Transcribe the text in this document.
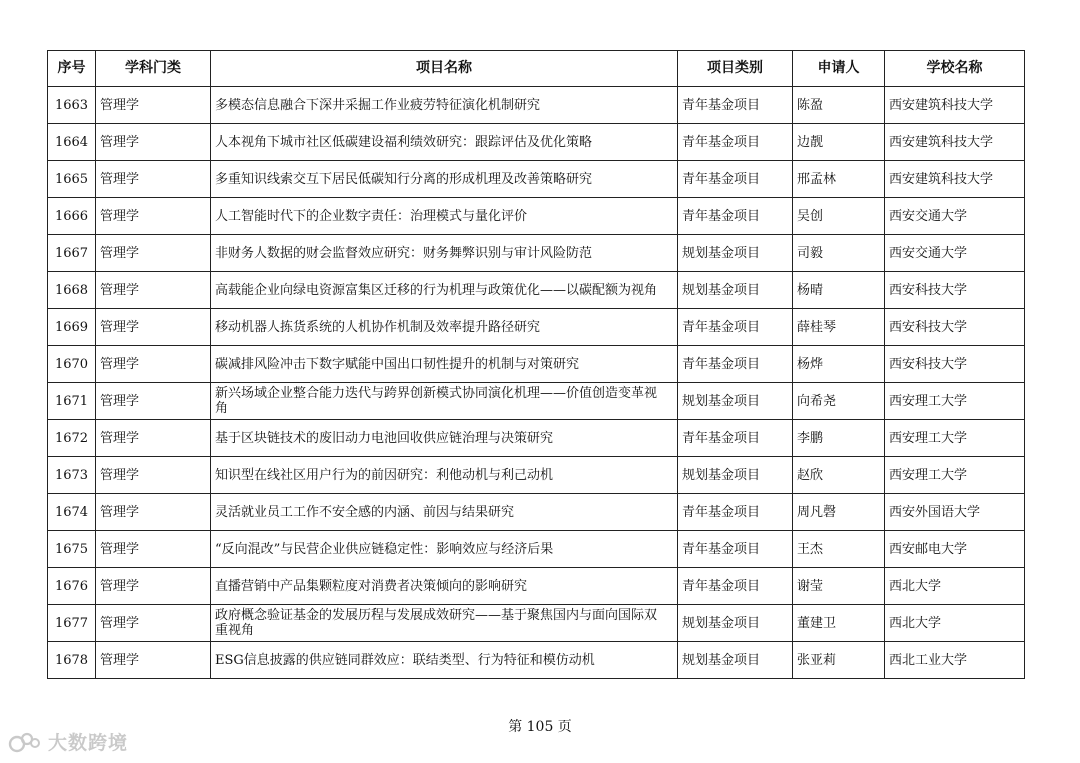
序号	学科门类	项目名称	项目类别	申请人	学校名称
1663	管理学	多模态信息融合下深井采掘工作业疲劳特征演化机制研究	青年基金项目	陈盈	西安建筑科技大学
1664	管理学	人本视角下城市社区低碳建设福利绩效研究：跟踪评估及优化策略	青年基金项目	边靓	西安建筑科技大学
1665	管理学	多重知识线索交互下居民低碳知行分离的形成机理及改善策略研究	青年基金项目	邢孟林	西安建筑科技大学
1666	管理学	人工智能时代下的企业数字责任：治理模式与量化评价	青年基金项目	吴创	西安交通大学
1667	管理学	非财务人数据的财会监督效应研究：财务舞弊识别与审计风险防范	规划基金项目	司毅	西安交通大学
1668	管理学	高载能企业向绿电资源富集区迁移的行为机理与政策优化——以碳配额为视角	规划基金项目	杨晴	西安科技大学
1669	管理学	移动机器人拣货系统的人机协作机制及效率提升路径研究	青年基金项目	薛桂琴	西安科技大学
1670	管理学	碳减排风险冲击下数字赋能中国出口韧性提升的机制与对策研究	青年基金项目	杨烨	西安科技大学
1671	管理学	新兴场域企业整合能力迭代与跨界创新模式协同演化机理——价值创造变革视角	规划基金项目	向希尧	西安理工大学
1672	管理学	基于区块链技术的废旧动力电池回收供应链治理与决策研究	青年基金项目	李鹏	西安理工大学
1673	管理学	知识型在线社区用户行为的前因研究：利他动机与利己动机	规划基金项目	赵欣	西安理工大学
1674	管理学	灵活就业员工工作不安全感的内涵、前因与结果研究	青年基金项目	周凡磬	西安外国语大学
1675	管理学	“反向混改”与民营企业供应链稳定性：影响效应与经济后果	青年基金项目	王杰	西安邮电大学
1676	管理学	直播营销中产品集颗粒度对消费者决策倾向的影响研究	青年基金项目	谢莹	西北大学
1677	管理学	政府概念验证基金的发展历程与发展成效研究——基于聚焦国内与面向国际双重视角	规划基金项目	董建卫	西北大学
1678	管理学	ESG信息披露的供应链同群效应：联结类型、行为特征和模仿动机	规划基金项目	张亚莉	西北工业大学
第 105 页
大数跨境
